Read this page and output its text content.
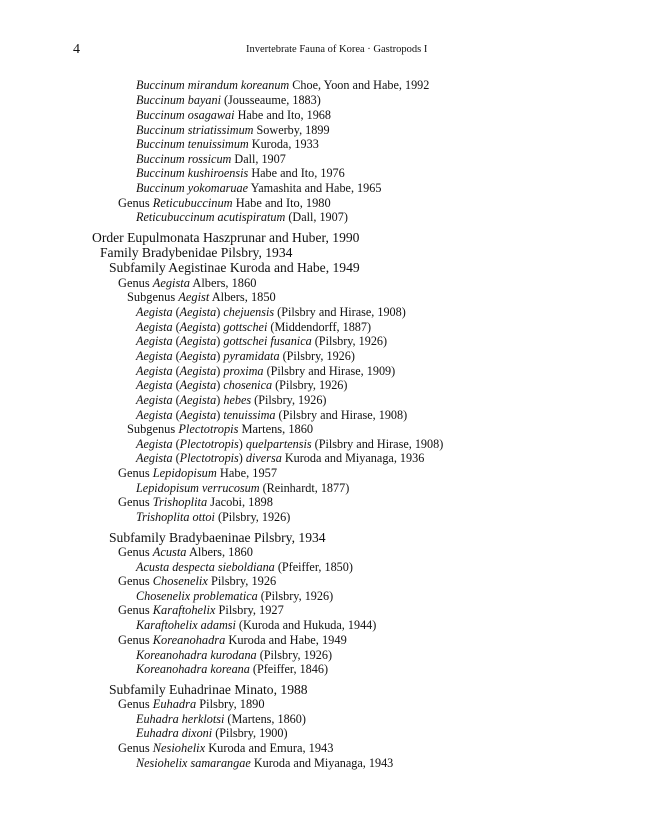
4	Invertebrate Fauna of Korea · Gastropods I
Buccinum mirandum koreanum Choe, Yoon and Habe, 1992
Buccinum bayani (Jousseaume, 1883)
Buccinum osagawai Habe and Ito, 1968
Buccinum striatissimum Sowerby, 1899
Buccinum tenuissimum Kuroda, 1933
Buccinum rossicum Dall, 1907
Buccinum kushiroensis Habe and Ito, 1976
Buccinum yokomaruae Yamashita and Habe, 1965
Genus Reticubuccinum Habe and Ito, 1980
Reticubuccinum acutispiratum (Dall, 1907)
Order Eupulmonata Haszprunar and Huber, 1990
Family Bradybenidae Pilsbry, 1934
Subfamily Aegistinae Kuroda and Habe, 1949
Genus Aegista Albers, 1860
Subgenus Aegist Albers, 1850
Aegista (Aegista) chejuensis (Pilsbry and Hirase, 1908)
Aegista (Aegista) gottschei (Middendorff, 1887)
Aegista (Aegista) gottschei fusanica (Pilsbry, 1926)
Aegista (Aegista) pyramidata (Pilsbry, 1926)
Aegista (Aegista) proxima (Pilsbry and Hirase, 1909)
Aegista (Aegista) chosenica (Pilsbry, 1926)
Aegista (Aegista) hebes (Pilsbry, 1926)
Aegista (Aegista) tenuissima (Pilsbry and Hirase, 1908)
Subgenus Plectotropis Martens, 1860
Aegista (Plectotropis) quelpartensis (Pilsbry and Hirase, 1908)
Aegista (Plectotropis) diversa Kuroda and Miyanaga, 1936
Genus Lepidopisum Habe, 1957
Lepidopisum verrucosum (Reinhardt, 1877)
Genus Trishoplita Jacobi, 1898
Trishoplita ottoi (Pilsbry, 1926)
Subfamily Bradybaeninae Pilsbry, 1934
Genus Acusta Albers, 1860
Acusta despecta sieboldiana (Pfeiffer, 1850)
Genus Chosenelix Pilsbry, 1926
Chosenelix problematica (Pilsbry, 1926)
Genus Karaftohelix Pilsbry, 1927
Karaftohelix adamsi (Kuroda and Hukuda, 1944)
Genus Koreanohadra Kuroda and Habe, 1949
Koreanohadra kurodana (Pilsbry, 1926)
Koreanohadra koreana (Pfeiffer, 1846)
Subfamily Euhadrinae Minato, 1988
Genus Euhadra Pilsbry, 1890
Euhadra herklotsi (Martens, 1860)
Euhadra dixoni (Pilsbry, 1900)
Genus Nesiohelix Kuroda and Emura, 1943
Nesiohelix samarangae Kuroda and Miyanaga, 1943
